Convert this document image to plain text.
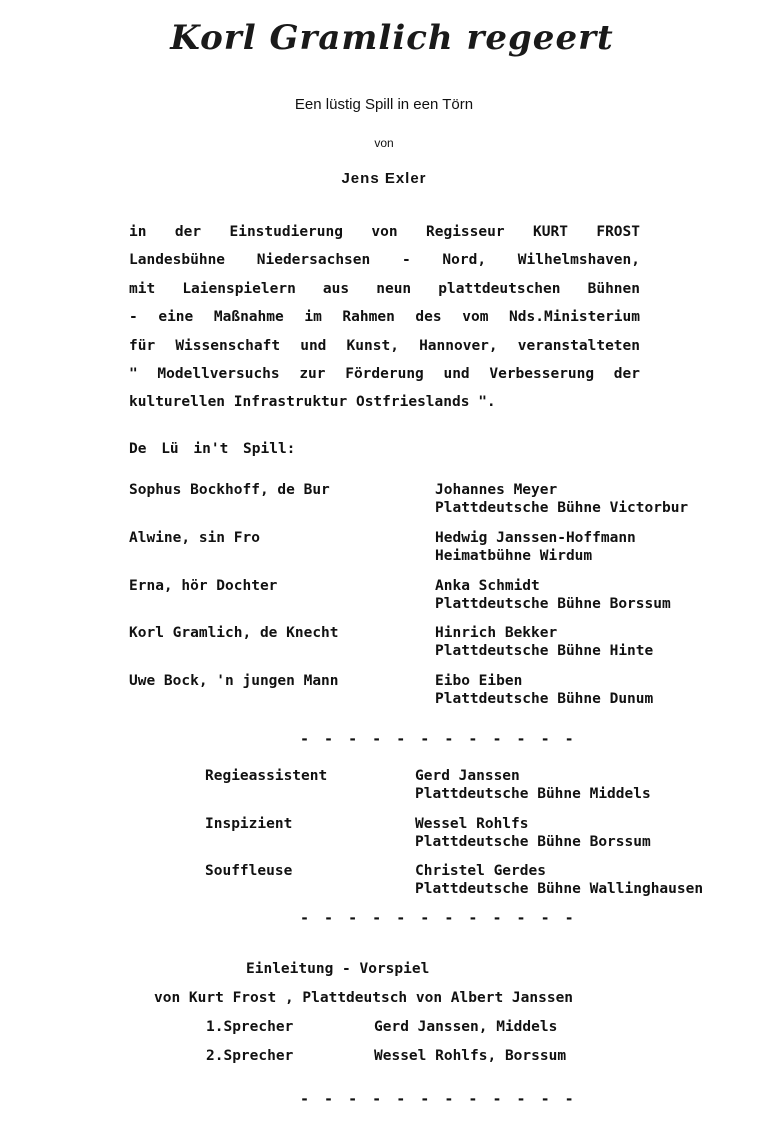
Korl Gramlich regeert
Een lüstig Spill in een Törn
von
Jens Exler
in der Einstudierung von Regisseur KURT FROST
Landesbühne Niedersachsen - Nord, Wilhelmshaven,
mit Laienspielern aus neun plattdeutschen Bühnen
- eine Maßnahme im Rahmen des vom Nds.Ministerium
für Wissenschaft und Kunst, Hannover, veranstalteten
" Modellversuchs zur Förderung und Verbesserung der
kulturellen Infrastruktur Ostfrieslands ".
De Lü in't Spill:
Sophus Bockhoff, de Bur	Johannes Meyer
Plattdeutsche Bühne Victorbur
Alwine, sin Fro	Hedwig Janssen-Hoffmann
Heimatbühne Wirdum
Erna, hör Dochter	Anka Schmidt
Plattdeutsche Bühne Borssum
Korl Gramlich, de Knecht	Hinrich Bekker
Plattdeutsche Bühne Hinte
Uwe Bock, 'n jungen Mann	Eibo Eiben
Plattdeutsche Bühne Dunum
- - - - - - - - - - - -
Regieassistent	Gerd Janssen
Plattdeutsche Bühne Middels
Inspizient	Wessel Rohlfs
Plattdeutsche Bühne Borssum
Souffleuse	Christel Gerdes
Plattdeutsche Bühne Wallinghausen
- - - - - - - - - - - -
Einleitung - Vorspiel
von Kurt Frost , Plattdeutsch von Albert Janssen
1.Sprecher	Gerd Janssen, Middels
2.Sprecher	Wessel Rohlfs, Borssum
- - - - - - - - - - - -
